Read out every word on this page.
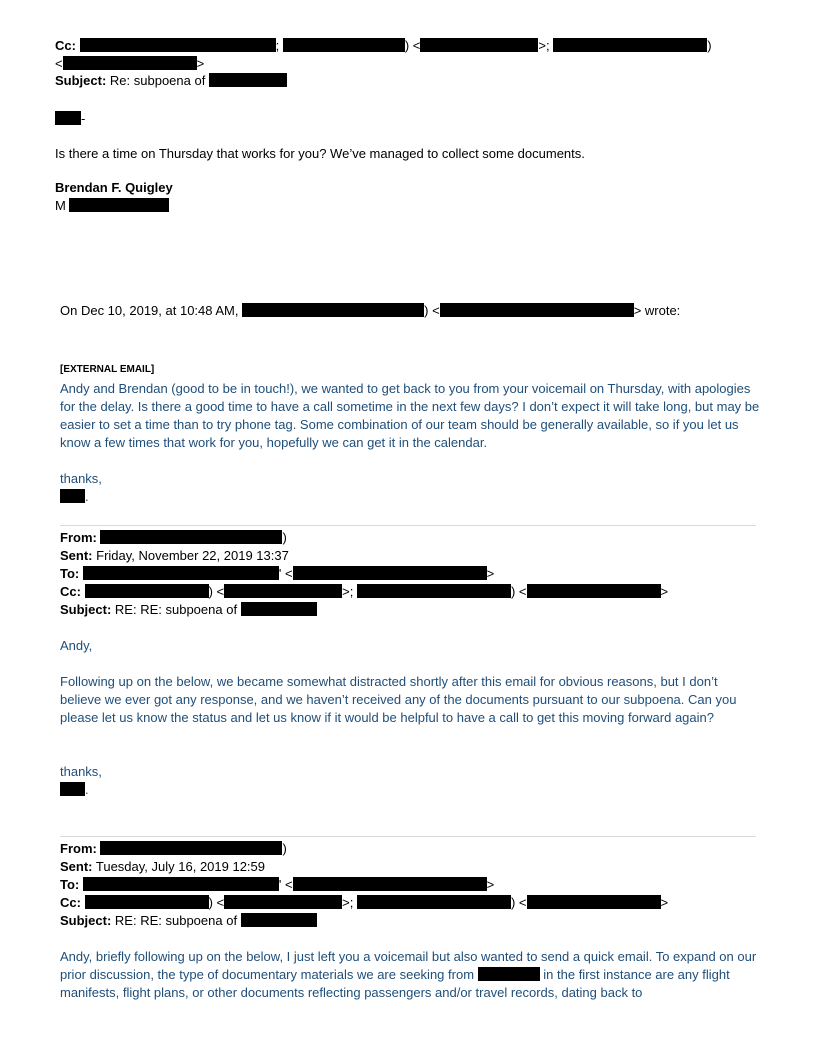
Cc:	;	) <	>;	)
<	>
Subject: Re: subpoena of
-
Is there a time on Thursday that works for you? We’ve managed to collect some documents.
Brendan F. Quigley
M
On Dec 10, 2019, at 10:48 AM,	) <	> wrote:
[EXTERNAL EMAIL]
Andy and Brendan (good to be in touch!), we wanted to get back to you from your voicemail on Thursday, with apologies for the delay. Is there a good time to have a call sometime in the next few days? I don’t expect it will take long, but may be easier to set a time than to try phone tag. Some combination of our team should be generally available, so if you let us know a few times that work for you, hopefully we can get it in the calendar.
thanks,
.
From:	)
Sent: Friday, November 22, 2019 13:37
To:	' <	>
Cc:	) <	>;	) <	>
Subject: RE: RE: subpoena of
Andy,
Following up on the below, we became somewhat distracted shortly after this email for obvious reasons, but I don’t believe we ever got any response, and we haven’t received any of the documents pursuant to our subpoena. Can you please let us know the status and let us know if it would be helpful to have a call to get this moving forward again?
thanks,
.
From:	)
Sent: Tuesday, July 16, 2019 12:59
To:	' <	>
Cc:	) <	>;	) <	>
Subject: RE: RE: subpoena of
Andy, briefly following up on the below, I just left you a voicemail but also wanted to send a quick email. To expand on our prior discussion, the type of documentary materials we are seeking from	in the first instance are any flight manifests, flight plans, or other documents reflecting passengers and/or travel records, dating back to
